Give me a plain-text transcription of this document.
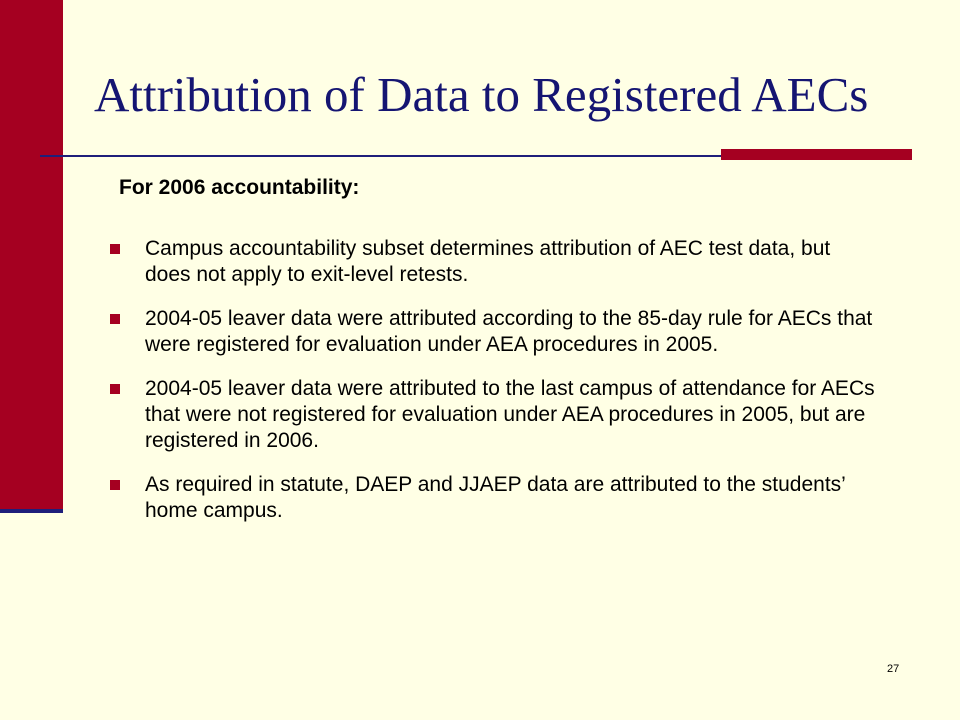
Attribution of Data to Registered AECs

For 2006 accountability:

Campus accountability subset determines attribution of AEC test data, but does not apply to exit-level retests.
2004-05 leaver data were attributed according to the 85-day rule for AECs that were registered for evaluation under AEA procedures in 2005.
2004-05 leaver data were attributed to the last campus of attendance for AECs that were not registered for evaluation under AEA procedures in 2005, but are registered in 2006.
As required in statute, DAEP and JJAEP data are attributed to the students’ home campus.
27
